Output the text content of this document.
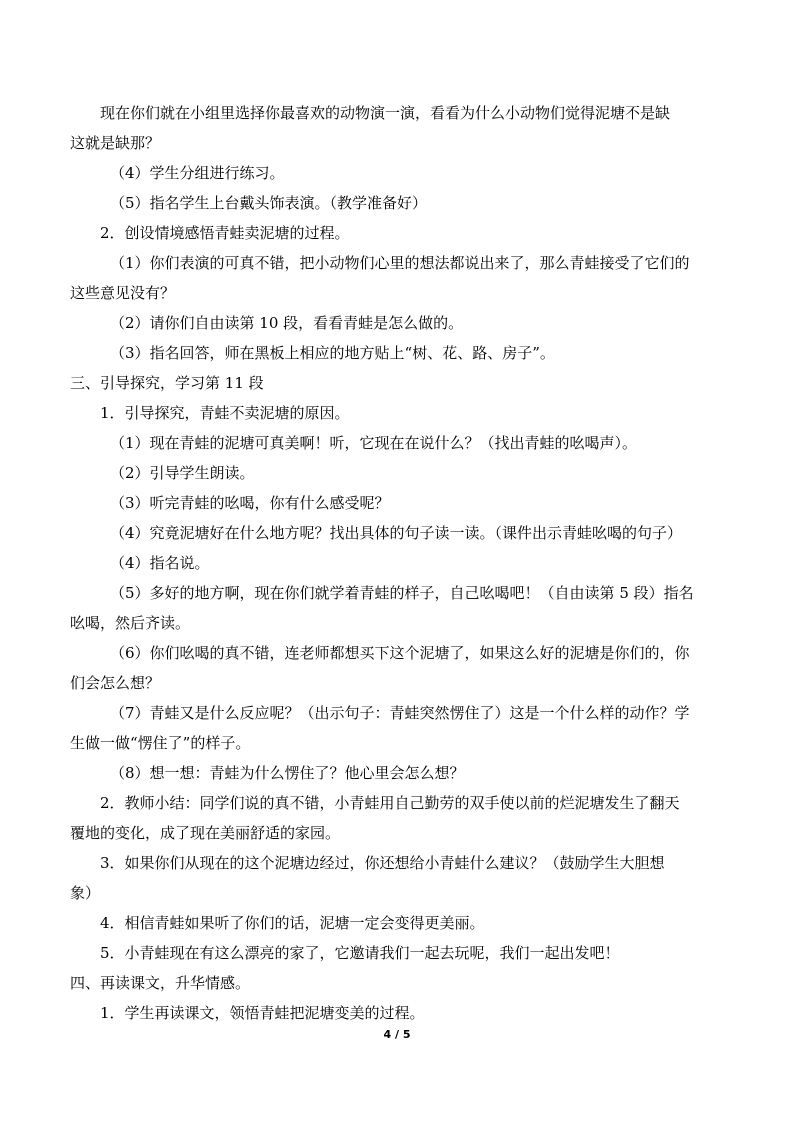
现在你们就在小组里选择你最喜欢的动物演一演，看看为什么小动物们觉得泥塘不是缺
这就是缺那？
（4）学生分组进行练习。
（5）指名学生上台戴头饰表演。（教学准备好）
2．创设情境感悟青蛙卖泥塘的过程。
（1）你们表演的可真不错，把小动物们心里的想法都说出来了，那么青蛙接受了它们的
这些意见没有？
（2）请你们自由读第 10 段，看看青蛙是怎么做的。
（3）指名回答，师在黑板上相应的地方贴上“树、花、路、房子”。
三、引导探究，学习第 11 段
1．引导探究，青蛙不卖泥塘的原因。
（1）现在青蛙的泥塘可真美啊！听，它现在在说什么？（找出青蛙的吆喝声）。
（2）引导学生朗读。
（3）听完青蛙的吆喝，你有什么感受呢？
（4）究竟泥塘好在什么地方呢？找出具体的句子读一读。（课件出示青蛙吆喝的句子）
（4）指名说。
（5）多好的地方啊，现在你们就学着青蛙的样子，自己吆喝吧！（自由读第 5 段）指名
吆喝，然后齐读。
（6）你们吆喝的真不错，连老师都想买下这个泥塘了，如果这么好的泥塘是你们的，你
们会怎么想？
（7）青蛙又是什么反应呢？（出示句子：青蛙突然愣住了）这是一个什么样的动作？学
生做一做“愣住了”的样子。
（8）想一想：青蛙为什么愣住了？他心里会怎么想？
2．教师小结：同学们说的真不错，小青蛙用自己勤劳的双手使以前的烂泥塘发生了翻天
覆地的变化，成了现在美丽舒适的家园。
3．如果你们从现在的这个泥塘边经过，你还想给小青蛙什么建议？（鼓励学生大胆想
象）
4．相信青蛙如果听了你们的话，泥塘一定会变得更美丽。
5．小青蛙现在有这么漂亮的家了，它邀请我们一起去玩呢，我们一起出发吧！
四、再读课文，升华情感。
1．学生再读课文，领悟青蛙把泥塘变美的过程。
4 / 5
